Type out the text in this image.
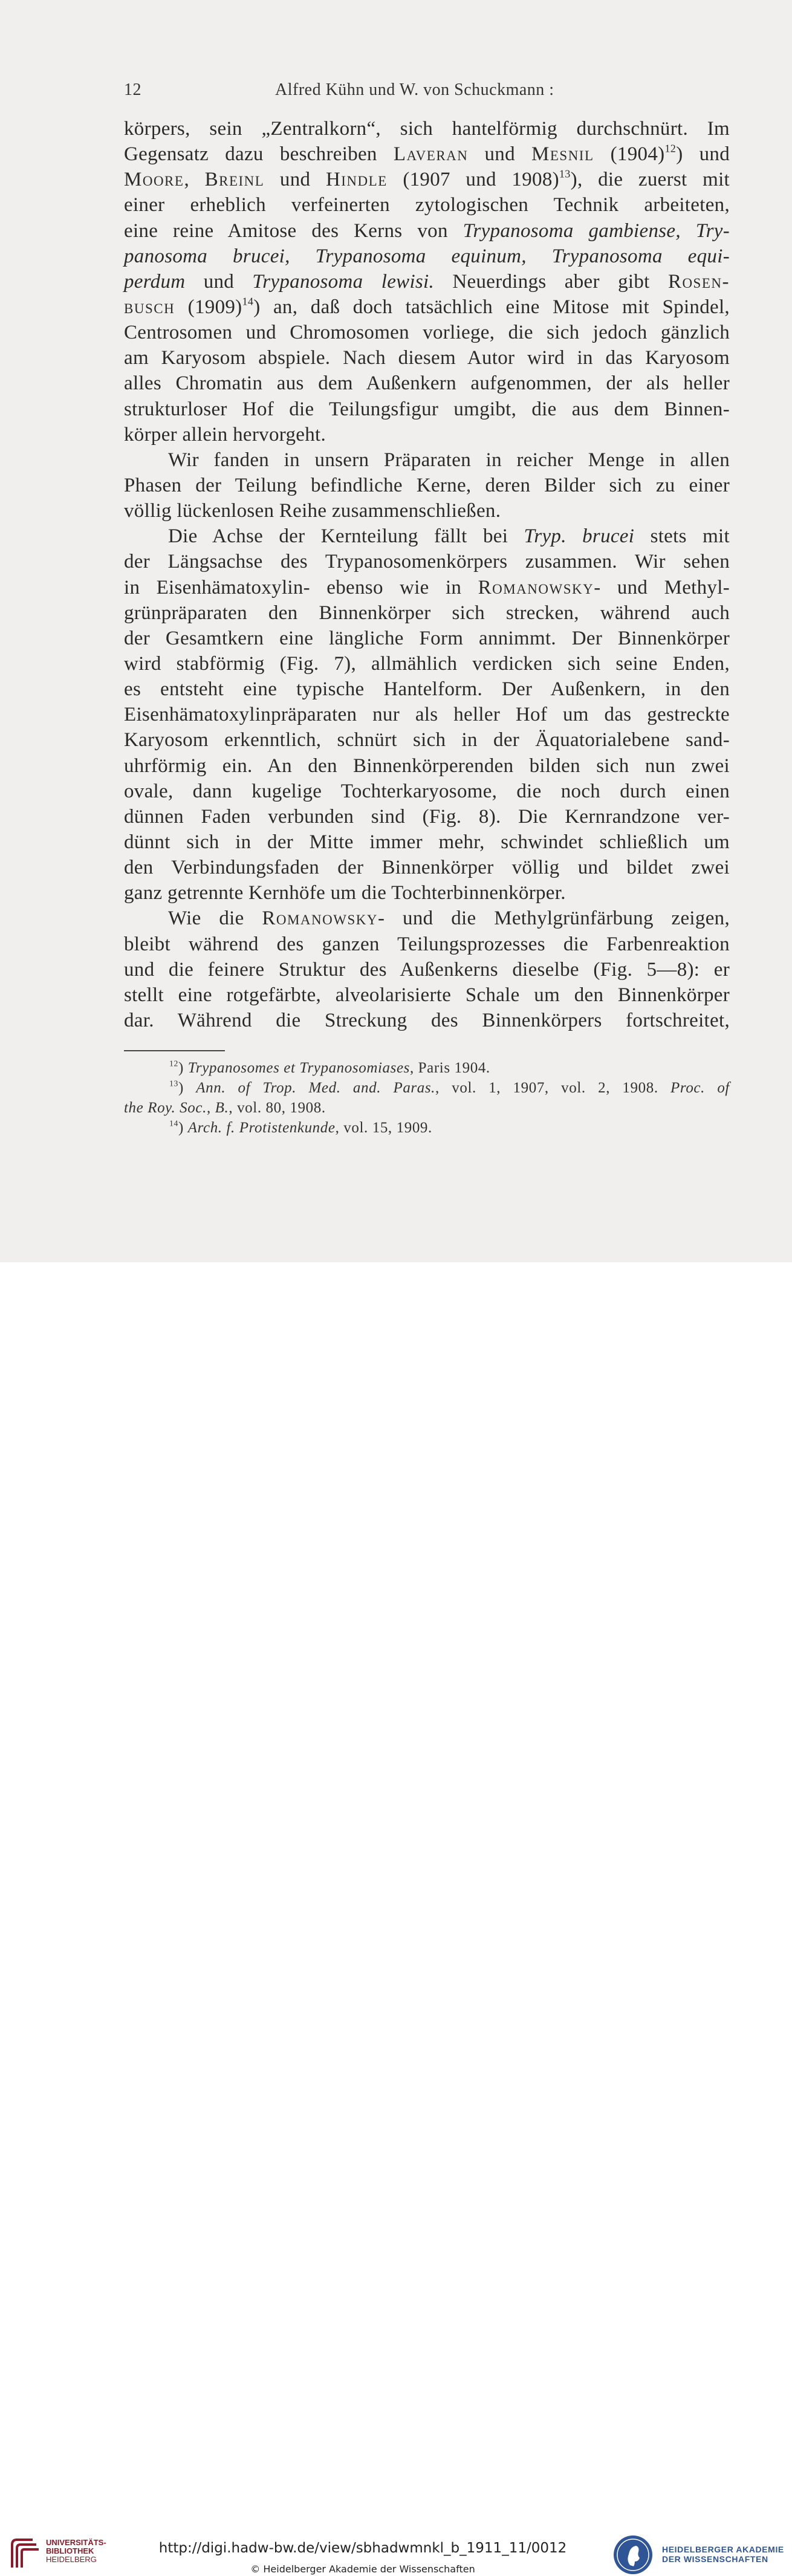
12	Alfred Kühn und W. von Schuckmann :
körpers, sein „Zentralkorn“, sich hantelförmig durchschnürt. Im
Gegensatz dazu beschreiben Laveran und Mesnil $(1904)^{12}$) und
Moore, Breinl und Hindle (1907 und 1908)$^{13}$), die zuerst mit
einer erheblich verfeinerten zytologischen Technik arbeiteten,
eine reine Amitose des Kerns von Trypanosoma gambiense, Try-
panosoma brucei, Trypanosoma equinum, Trypanosoma equi-
perdum und Trypanosoma lewisi. Neuerdings aber gibt Rosen-
busch $(1909)^{14}$) an, daß doch tatsächlich eine Mitose mit Spindel,
Centrosomen und Chromosomen vorliege, die sich jedoch gänzlich
am Karyosom abspiele. Nach diesem Autor wird in das Karyosom
alles Chromatin aus dem Außenkern aufgenommen, der als heller
strukturloser Hof die Teilungsfigur umgibt, die aus dem Binnen-
körper allein hervorgeht.
Wir fanden in unsern Präparaten in reicher Menge in allen
Phasen der Teilung befindliche Kerne, deren Bilder sich zu einer
völlig lückenlosen Reihe zusammenschließen.
Die Achse der Kernteilung fällt bei Tryp. brucei stets mit
der Längsachse des Trypanosomenkörpers zusammen. Wir sehen
in Eisenhämatoxylin- ebenso wie in Romanowsky- und Methyl-
grünpräparaten den Binnenkörper sich strecken, während auch
der Gesamtkern eine längliche Form annimmt. Der Binnenkörper
wird stabförmig (Fig. 7), allmählich verdicken sich seine Enden,
es entsteht eine typische Hantelform. Der Außenkern, in den
Eisenhämatoxylinpräparaten nur als heller Hof um das gestreckte
Karyosom erkenntlich, schnürt sich in der Äquatorialebene sand-
uhrförmig ein. An den Binnenkörperenden bilden sich nun zwei
ovale, dann kugelige Tochterkaryosome, die noch durch einen
dünnen Faden verbunden sind (Fig. 8). Die Kernrandzone ver-
dünnt sich in der Mitte immer mehr, schwindet schließlich um
den Verbindungsfaden der Binnenkörper völlig und bildet zwei
ganz getrennte Kernhöfe um die Tochterbinnenkörper.
Wie die Romanowsky- und die Methylgrünfärbung zeigen,
bleibt während des ganzen Teilungsprozesses die Farbenreaktion
und die feinere Struktur des Außenkerns dieselbe (Fig. 5—8): er
stellt eine rotgefärbte, alveolarisierte Schale um den Binnenkörper
dar. Während die Streckung des Binnenkörpers fortschreitet,
$^{12}$) Trypanosomes et Trypanosomiases, Paris 1904.
$^{13}$) Ann. of Trop. Med. and. Paras., vol. 1, 1907, vol. 2, 1908. Proc. of
the Roy. Soc., B., vol. 80, 1908.
$^{14}$) Arch. f. Protistenkunde, vol. 15, 1909.
UNIVERSITÄTS-
BIBLIOTHEK
HEIDELBERG
http://digi.hadw-bw.de/view/sbhadwmnkl_b_1911_11/0012
© Heidelberger Akademie der Wissenschaften
HEIDELBERGER AKADEMIE
DER WISSENSCHAFTEN
